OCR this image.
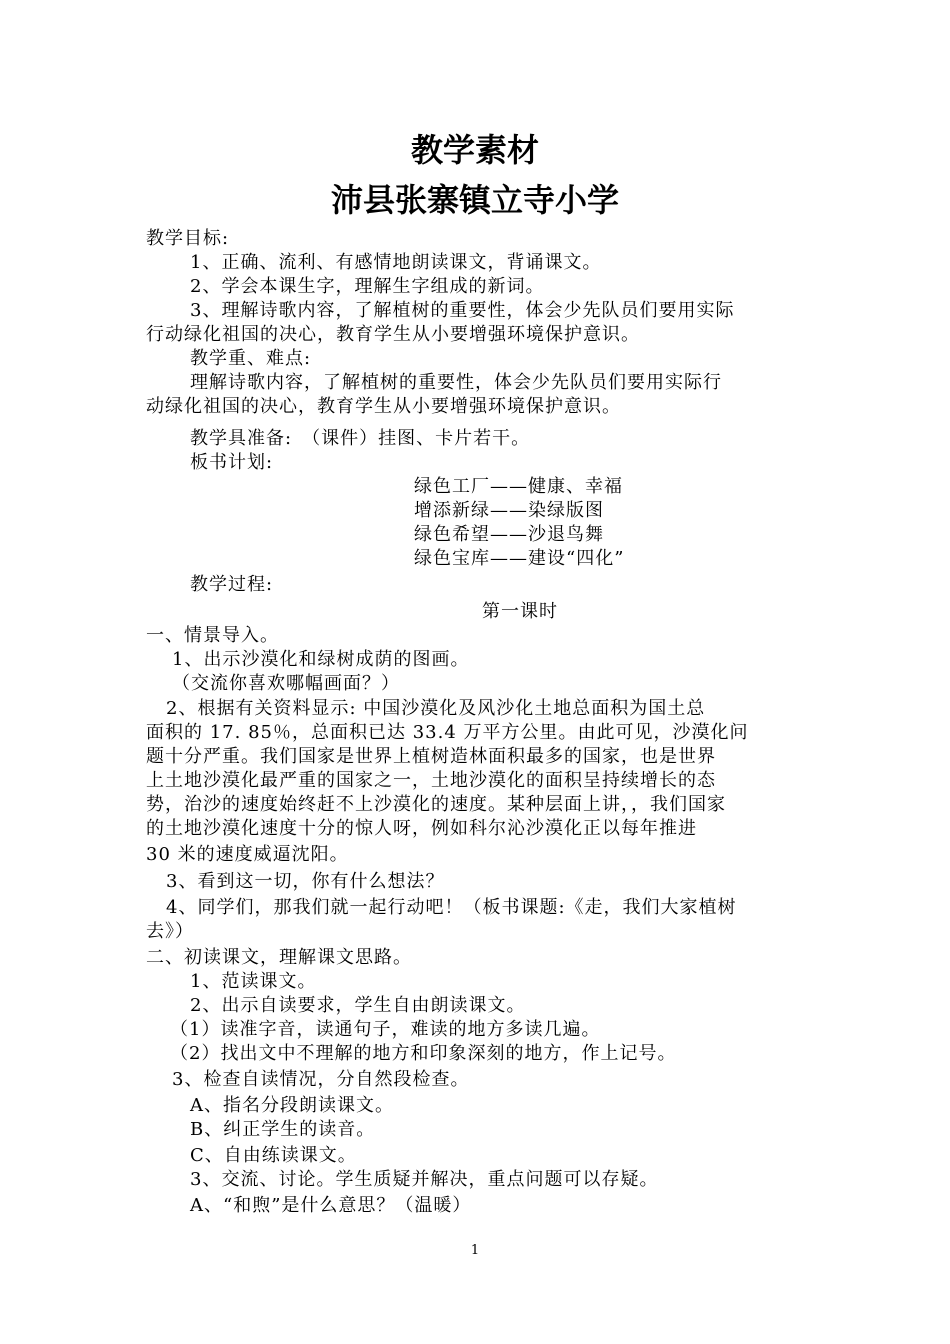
教学素材
沛县张寨镇立寺小学
教学目标:
1、正确、流利、有感情地朗读课文，背诵课文。
2、学会本课生字，理解生字组成的新词。
3、理解诗歌内容，了解植树的重要性，体会少先队员们要用实际
行动绿化祖国的决心，教育学生从小要增强环境保护意识。
教学重、难点:
理解诗歌内容，了解植树的重要性，体会少先队员们要用实际行
动绿化祖国的决心，教育学生从小要增强环境保护意识。
教学具准备:　（课件）挂图、卡片若干。
板书计划:
绿色工厂——健康、幸福
增添新绿——染绿版图
绿色希望——沙退鸟舞
绿色宝库——建设“四化”
教学过程:
第一课时
一、情景导入。
1、出示沙漠化和绿树成荫的图画。
（交流你喜欢哪幅画面？）
2、根据有关资料显示: 中国沙漠化及风沙化土地总面积为国土总
面积的 17. 85％，总面积已达 33.4 万平方公里。由此可见，沙漠化问
题十分严重。我们国家是世界上植树造林面积最多的国家，也是世界
上土地沙漠化最严重的国家之一，土地沙漠化的面积呈持续增长的态
势，治沙的速度始终赶不上沙漠化的速度。某种层面上讲，，我们国家
的土地沙漠化速度十分的惊人呀，例如科尔沁沙漠化正以每年推进
30 米的速度威逼沈阳。
3、看到这一切，你有什么想法？
4、同学们，那我们就一起行动吧！（板书课题:《走，我们大家植树
去》）
二、初读课文，理解课文思路。
1、范读课文。
2、出示自读要求，学生自由朗读课文。
（1）读准字音，读通句子，难读的地方多读几遍。
（2）找出文中不理解的地方和印象深刻的地方，作上记号。
3、检查自读情况，分自然段检查。
A、指名分段朗读课文。
B、纠正学生的读音。
C、自由练读课文。
3、交流、讨论。学生质疑并解决，重点问题可以存疑。
A、“和煦”是什么意思？（温暖）
1
